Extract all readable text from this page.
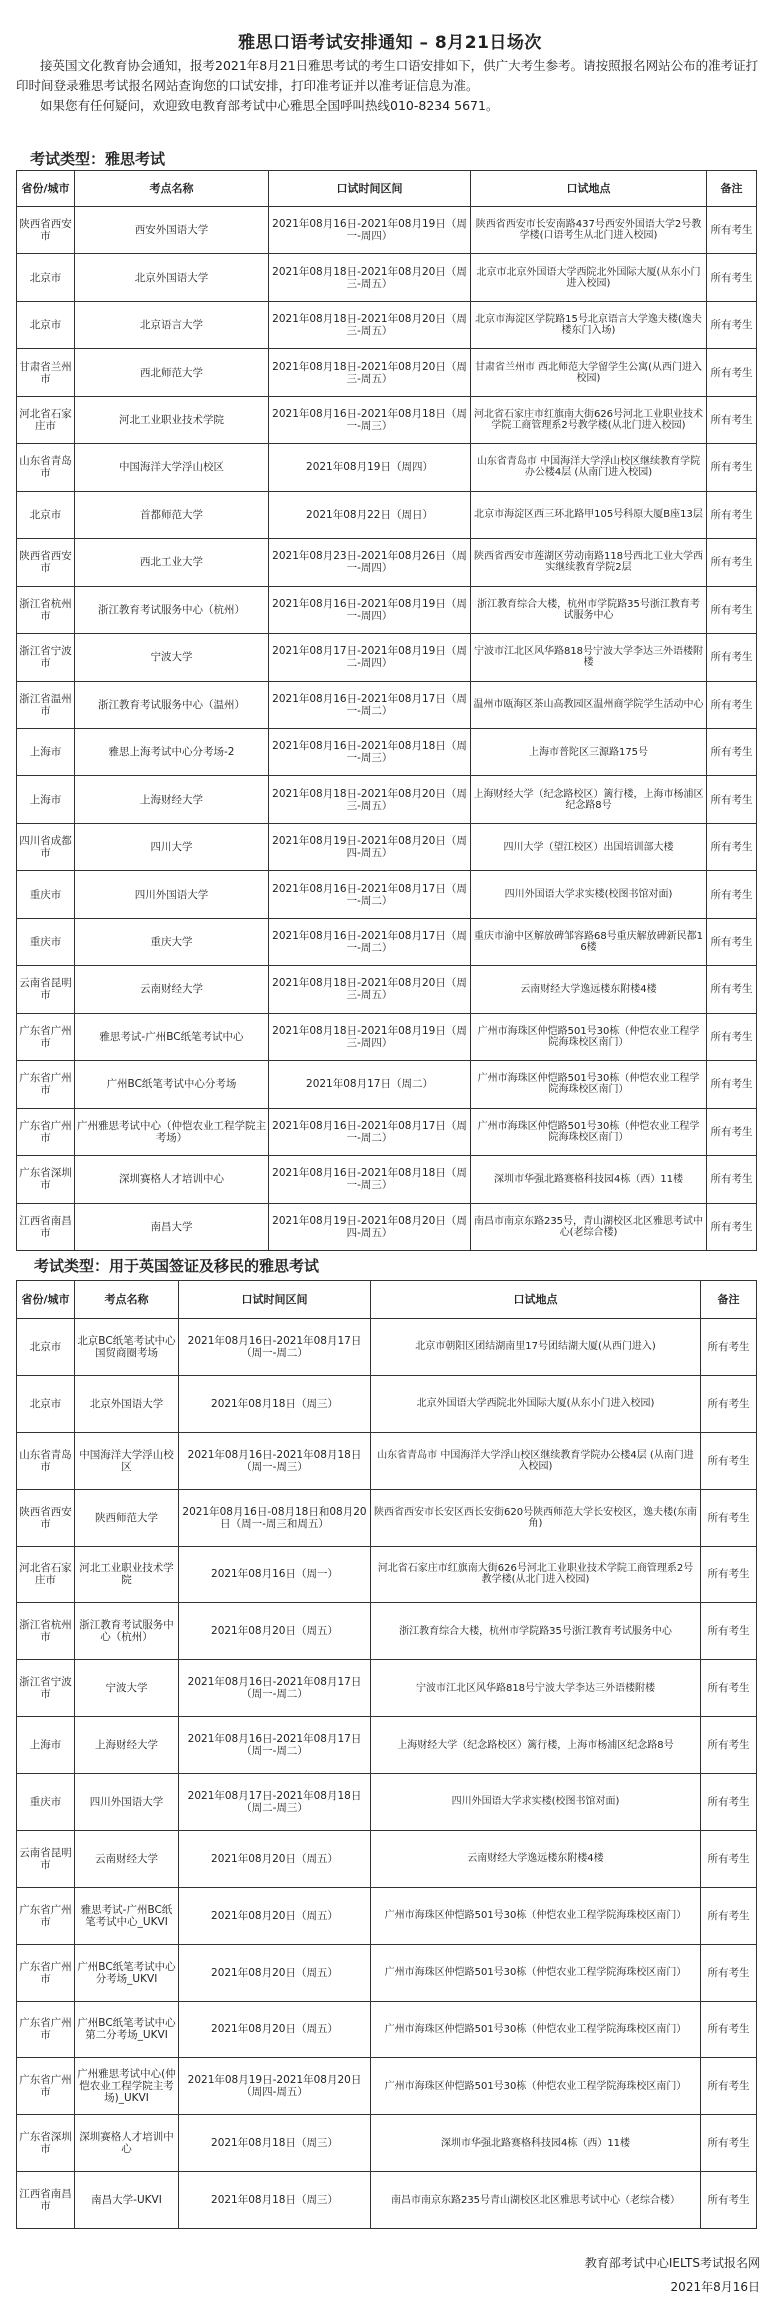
雅思口语考试安排通知 – 8月21日场次

接英国文化教育协会通知，报考2021年8月21日雅思考试的考生口语安排如下，供广大考生参考。请按照报名网站公布的准考证打印时间登录雅思考试报名网站查询您的口试安排，打印准考证并以准考证信息为准。

如果您有任何疑问，欢迎致电教育部考试中心雅思全国呼叫热线010-8234 5671。

考试类型：雅思考试
省份/城市	考点名称	口试时间区间	口试地点	备注
陕西省西安市	西安外国语大学	2021年08月16日-2021年08月19日（周一-周四）	陕西省西安市长安南路437号西安外国语大学2号教学楼(口语考生从北门进入校园)	所有考生
北京市	北京外国语大学	2021年08月18日-2021年08月20日（周三-周五）	北京市北京外国语大学西院北外国际大厦(从东小门进入校园)	所有考生
北京市	北京语言大学	2021年08月18日-2021年08月20日（周三-周五）	北京市海淀区学院路15号北京语言大学逸夫楼(逸夫楼东门入场)	所有考生
甘肃省兰州市	西北师范大学	2021年08月18日-2021年08月20日（周三-周五）	甘肃省兰州市 西北师范大学留学生公寓(从西门进入校园)	所有考生
河北省石家庄市	河北工业职业技术学院	2021年08月16日-2021年08月18日（周一-周三）	河北省石家庄市红旗南大街626号河北工业职业技术学院工商管理系2号教学楼(从北门进入校园)	所有考生
山东省青岛市	中国海洋大学浮山校区	2021年08月19日（周四）	山东省青岛市 中国海洋大学浮山校区继续教育学院办公楼4层 (从南门进入校园)	所有考生
北京市	首都师范大学	2021年08月22日（周日）	北京市海淀区西三环北路甲105号科原大厦B座13层	所有考生
陕西省西安市	西北工业大学	2021年08月23日-2021年08月26日（周一-周四）	陕西省西安市莲湖区劳动南路118号西北工业大学西实继续教育学院2层	所有考生
浙江省杭州市	浙江教育考试服务中心（杭州）	2021年08月16日-2021年08月19日（周一-周四）	浙江教育综合大楼，杭州市学院路35号浙江教育考试服务中心	所有考生
浙江省宁波市	宁波大学	2021年08月17日-2021年08月19日（周二-周四）	宁波市江北区风华路818号宁波大学李达三外语楼附楼	所有考生
浙江省温州市	浙江教育考试服务中心（温州）	2021年08月16日-2021年08月17日（周一-周二）	温州市瓯海区茶山高教园区温州商学院学生活动中心	所有考生
上海市	雅思上海考试中心分考场-2	2021年08月16日-2021年08月18日（周一-周三）	上海市普陀区三源路175号	所有考生
上海市	上海财经大学	2021年08月18日-2021年08月20日（周三-周五）	上海财经大学（纪念路校区）篱行楼，上海市杨浦区纪念路8号	所有考生
四川省成都市	四川大学	2021年08月19日-2021年08月20日（周四-周五）	四川大学（望江校区）出国培训部大楼	所有考生
重庆市	四川外国语大学	2021年08月16日-2021年08月17日（周一-周二）	四川外国语大学求实楼(校图书馆对面)	所有考生
重庆市	重庆大学	2021年08月16日-2021年08月17日（周一-周二）	重庆市渝中区解放碑邹容路68号重庆解放碑新民都16楼	所有考生
云南省昆明市	云南财经大学	2021年08月18日-2021年08月20日（周三-周五）	云南财经大学逸远楼东附楼4楼	所有考生
广东省广州市	雅思考试-广州BC纸笔考试中心	2021年08月18日-2021年08月19日（周三-周四）	广州市海珠区仲恺路501号30栋（仲恺农业工程学院海珠校区南门）	所有考生
广东省广州市	广州BC纸笔考试中心分考场	2021年08月17日（周二）	广州市海珠区仲恺路501号30栋（仲恺农业工程学院海珠校区南门）	所有考生
广东省广州市	广州雅思考试中心（仲恺农业工程学院主考场）	2021年08月16日-2021年08月17日（周一-周二）	广州市海珠区仲恺路501号30栋（仲恺农业工程学院海珠校区南门）	所有考生
广东省深圳市	深圳赛格人才培训中心	2021年08月16日-2021年08月18日（周一-周三）	深圳市华强北路赛格科技园4栋（西）11楼	所有考生
江西省南昌市	南昌大学	2021年08月19日-2021年08月20日（周四-周五）	南昌市南京东路235号，青山湖校区北区雅思考试中心(老综合楼)	所有考生
考试类型：用于英国签证及移民的雅思考试
省份/城市	考点名称	口试时间区间	口试地点	备注
北京市	北京BC纸笔考试中心国贸商圈考场	2021年08月16日-2021年08月17日（周一-周二）	北京市朝阳区团结湖南里17号团结湖大厦(从西门进入)	所有考生
北京市	北京外国语大学	2021年08月18日（周三）	北京外国语大学西院北外国际大厦(从东小门进入校园)	所有考生
山东省青岛市	中国海洋大学浮山校区	2021年08月16日-2021年08月18日（周一-周三）	山东省青岛市 中国海洋大学浮山校区继续教育学院办公楼4层 (从南门进入校园)	所有考生
陕西省西安市	陕西师范大学	2021年08月16日-08月18日和08月20日（周一-周三和周五）	陕西省西安市长安区西长安街620号陕西师范大学长安校区，逸夫楼(东南角)	所有考生
河北省石家庄市	河北工业职业技术学院	2021年08月16日（周一）	河北省石家庄市红旗南大街626号河北工业职业技术学院工商管理系2号教学楼(从北门进入校园)	所有考生
浙江省杭州市	浙江教育考试服务中心（杭州）	2021年08月20日（周五）	浙江教育综合大楼，杭州市学院路35号浙江教育考试服务中心	所有考生
浙江省宁波市	宁波大学	2021年08月16日-2021年08月17日（周一-周二）	宁波市江北区风华路818号宁波大学李达三外语楼附楼	所有考生
上海市	上海财经大学	2021年08月16日-2021年08月17日（周一-周二）	上海财经大学（纪念路校区）篱行楼，上海市杨浦区纪念路8号	所有考生
重庆市	四川外国语大学	2021年08月17日-2021年08月18日（周二-周三）	四川外国语大学求实楼(校图书馆对面)	所有考生
云南省昆明市	云南财经大学	2021年08月20日（周五）	云南财经大学逸远楼东附楼4楼	所有考生
广东省广州市	雅思考试-广州BC纸笔考试中心_UKVI	2021年08月20日（周五）	广州市海珠区仲恺路501号30栋（仲恺农业工程学院海珠校区南门）	所有考生
广东省广州市	广州BC纸笔考试中心分考场_UKVI	2021年08月20日（周五）	广州市海珠区仲恺路501号30栋（仲恺农业工程学院海珠校区南门）	所有考生
广东省广州市	广州BC纸笔考试中心第二分考场_UKVI	2021年08月20日（周五）	广州市海珠区仲恺路501号30栋（仲恺农业工程学院海珠校区南门）	所有考生
广东省广州市	广州雅思考试中心(仲恺农业工程学院主考场)_UKVI	2021年08月19日-2021年08月20日（周四-周五）	广州市海珠区仲恺路501号30栋（仲恺农业工程学院海珠校区南门）	所有考生
广东省深圳市	深圳赛格人才培训中心	2021年08月18日（周三）	深圳市华强北路赛格科技园4栋（西）11楼	所有考生
江西省南昌市	南昌大学-UKVI	2021年08月18日（周三）	南昌市南京东路235号青山湖校区北区雅思考试中心（老综合楼）	所有考生
教育部考试中心IELTS考试报名网
2021年8月16日
